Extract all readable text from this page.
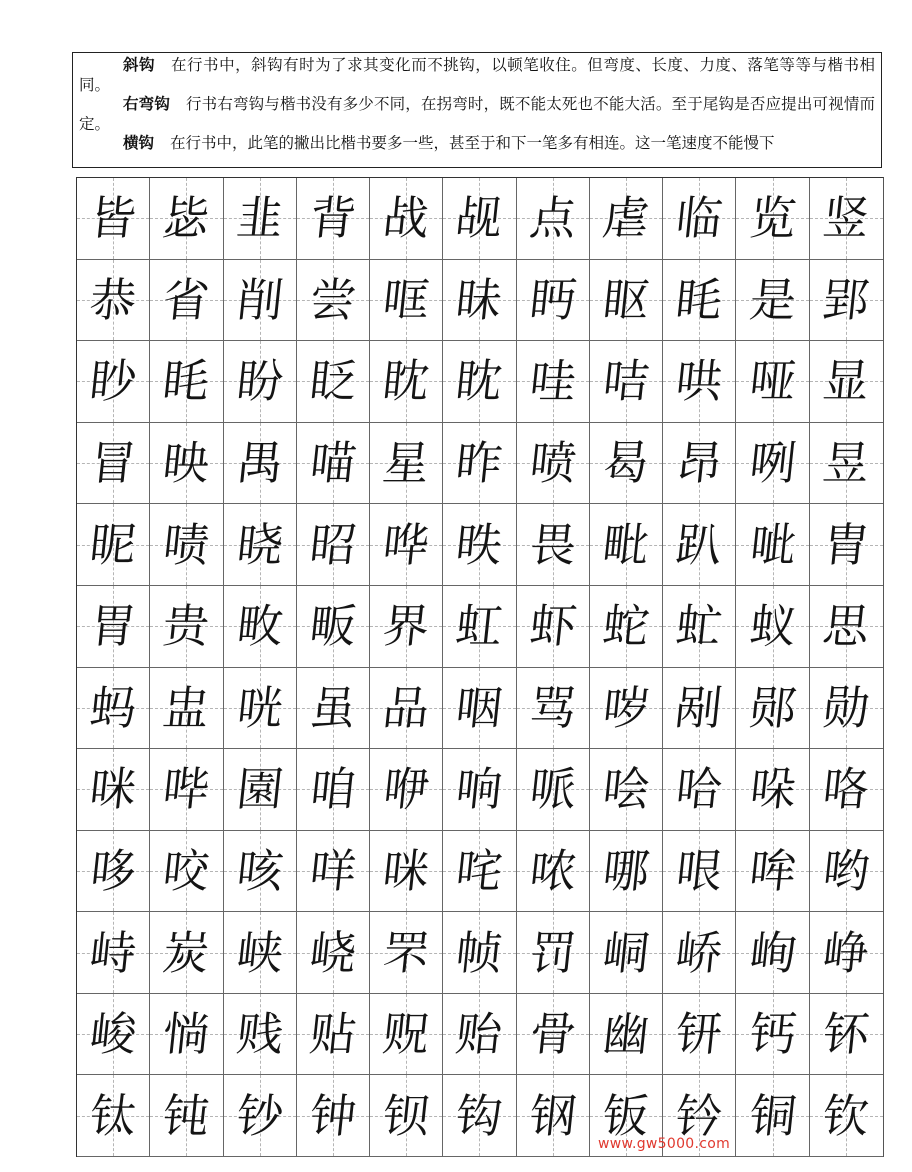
斜钩 在行书中，斜钩有时为了求其变化而不挑钩，以顿笔收住。但弯度、长度、力度、落笔等等与楷书相同。

右弯钩 行书右弯钩与楷书没有多少不同，在拐弯时，既不能太死也不能大活。至于尾钩是否应提出可视情而定。

横钩 在行书中，此笔的撇出比楷书要多一些，甚至于和下一笔多有相连。这一笔速度不能慢下

皆 毖 韭 背 战 觇 点 虐 临 览 竖
恭 省 削 尝 哐 昧 眄 眍 眊 是 郢
眇 眊 盼 眨 眈 眈 哇 咭 哄 哑 显
冒 映 禺 喵 星 昨 喷 曷 昂 咧 昱
昵 啧 晓 昭 哗 昳 畏 毗 趴 呲 胄
胃 贵 畋 畈 界 虹 虾 蛇 虻 蚁 思
蚂 盅 咣 虽 品 咽 骂 哕 剐 郧 勋
咪 哔 園 咱 咿 响 哌 哙 哈 哚 咯
哆 咬 咳 咩 咪 咤 哝 哪 哏 哞 哟
峙 炭 峡 峣 罘 帧 罚 峒 峤 峋 峥
峻 惝 贱 贴 贶 贻 骨 幽 钘 钙 钚
钛 钝 钞 钟 钡 钩 钢 钣 钤 铜 钦
www.gw5000.com
